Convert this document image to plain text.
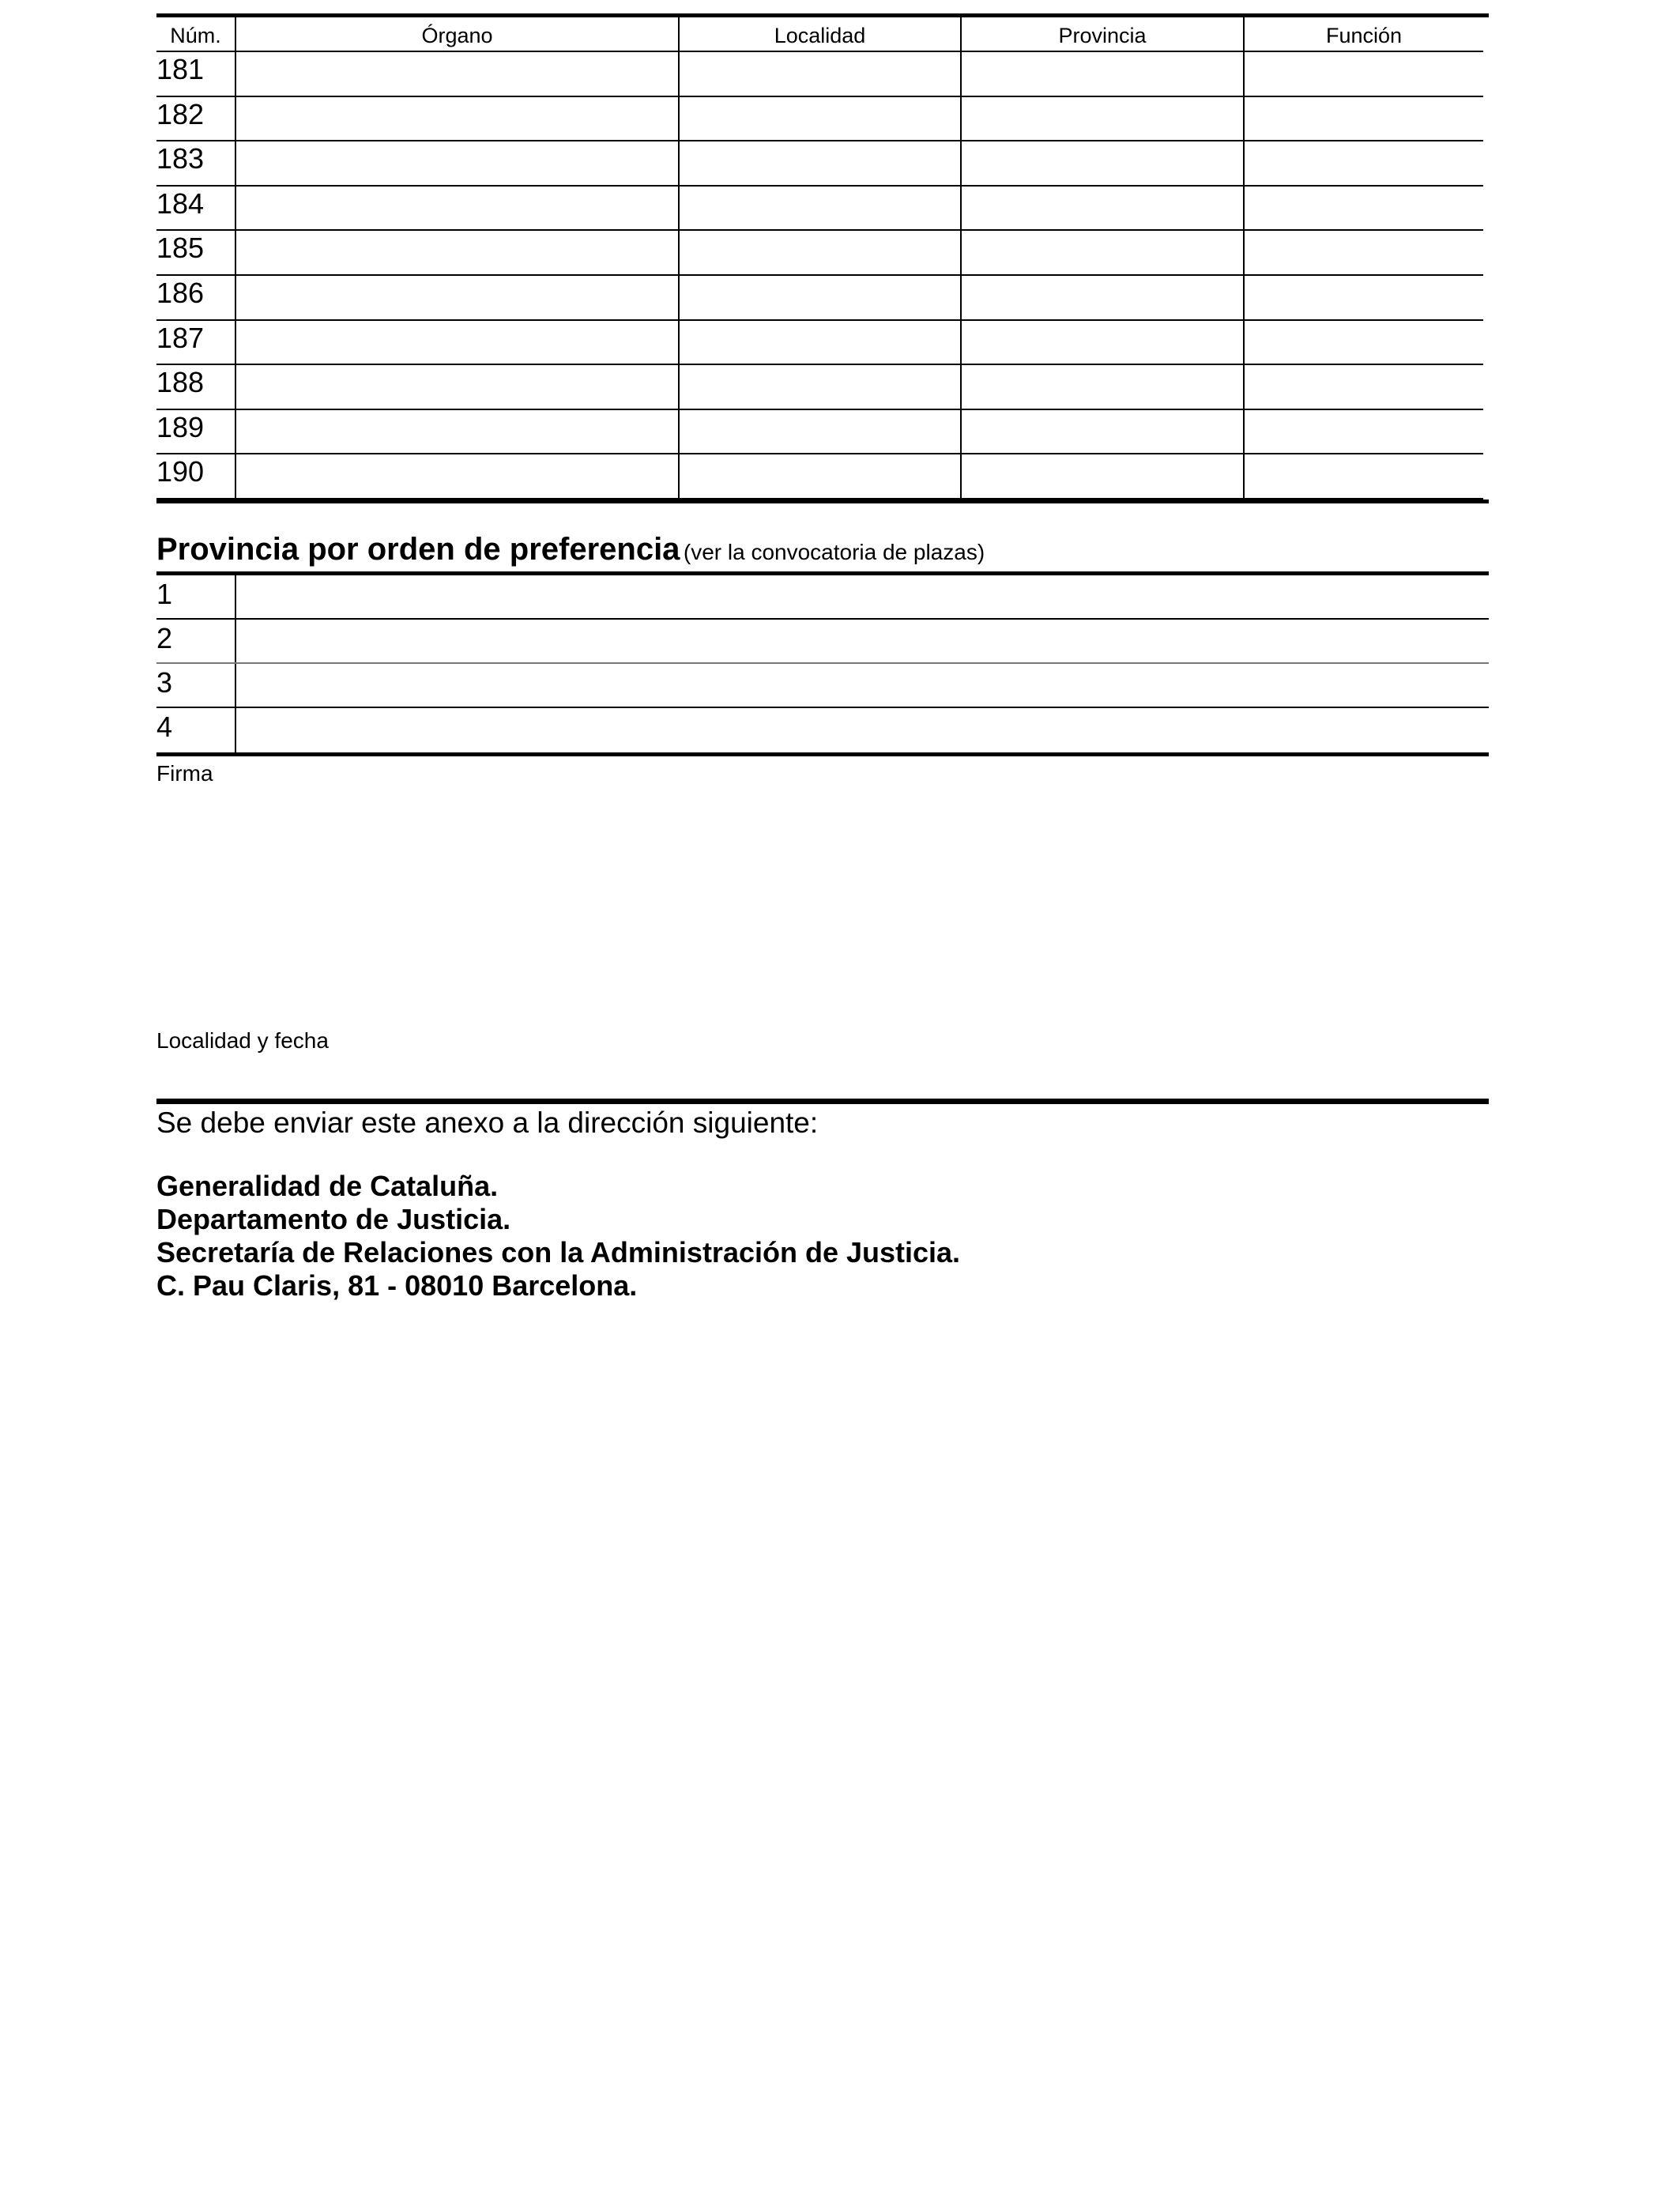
Núm.	Órgano	Localidad	Provincia	Función
181
182
183
184
185
186
187
188
189
190
Provincia por orden de preferencia (ver la convocatoria de plazas)
1
2
3
4
Firma
Localidad y fecha
Se debe enviar este anexo a la dirección siguiente:
Generalidad de Cataluña.
Departamento de Justicia.
Secretaría de Relaciones con la Administración de Justicia.
C. Pau Claris, 81 - 08010 Barcelona.
